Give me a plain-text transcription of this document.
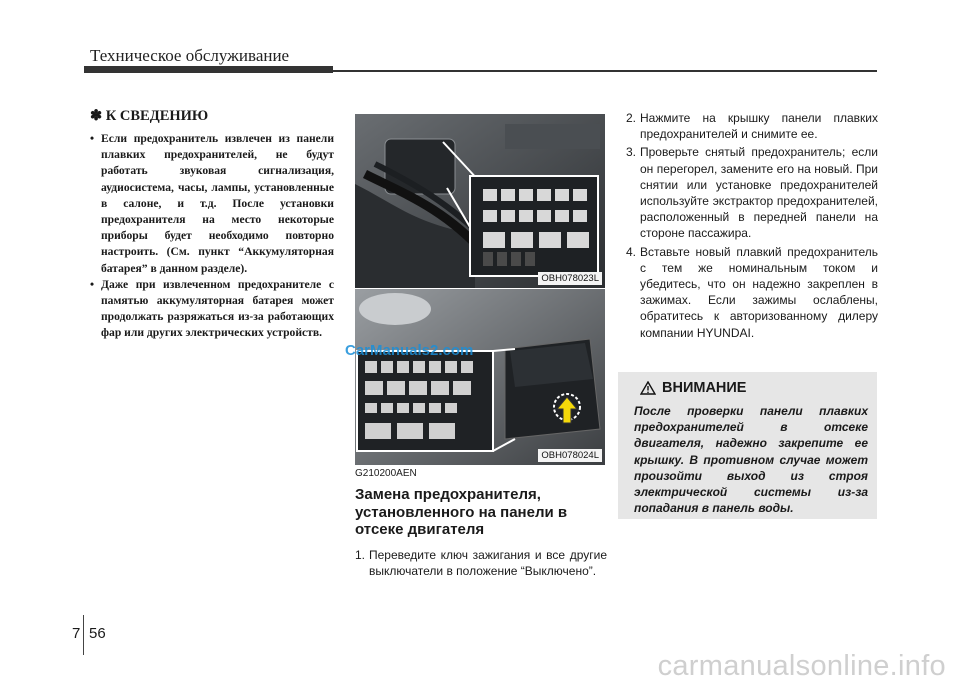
Техническое обслуживание
✽ К СВЕДЕНИЮ
• Если предохранитель извлечен из панели плавких предохранителей, не будут работать звуковая сигнализация, аудиосистема, часы, лампы, установленные в салоне, и т.д. После установки предохранителя на место некоторые приборы будет необходимо повторно настроить. (См. пункт “Аккумуляторная батарея” в данном разделе).
• Даже при извлеченном предохранителе с памятью аккумуляторная батарея может продолжать разряжаться из-за работающих фар или других электрических устройств.
OBH078023L
OBH078024L
CarManuals2.com
G210200AEN
Замена предохранителя, установленного на панели в отсеке двигателя
1. Переведите ключ зажигания и все другие выключатели в положение “Выключено”.
2. Нажмите на крышку панели плавких предохранителей и снимите ее.
3. Проверьте снятый предохранитель; если он перегорел, замените его на новый. При снятии или установке предохранителей используйте экстрактор предохранителей, расположенный в передней панели на стороне пассажира.
4. Вставьте новый плавкий предохранитель с тем же номинальным током и убедитесь, что он надежно закреплен в зажимах. Если зажимы ослаблены, обратитесь к авторизованному дилеру компании HYUNDAI.
ВНИМАНИЕ
После проверки панели плавких предохранителей в отсеке двигателя, надежно закрепите ее крышку. В противном случае может произойти выход из строя электрической системы из-за попадания в панель воды.
7 56
carmanualsonline.info
